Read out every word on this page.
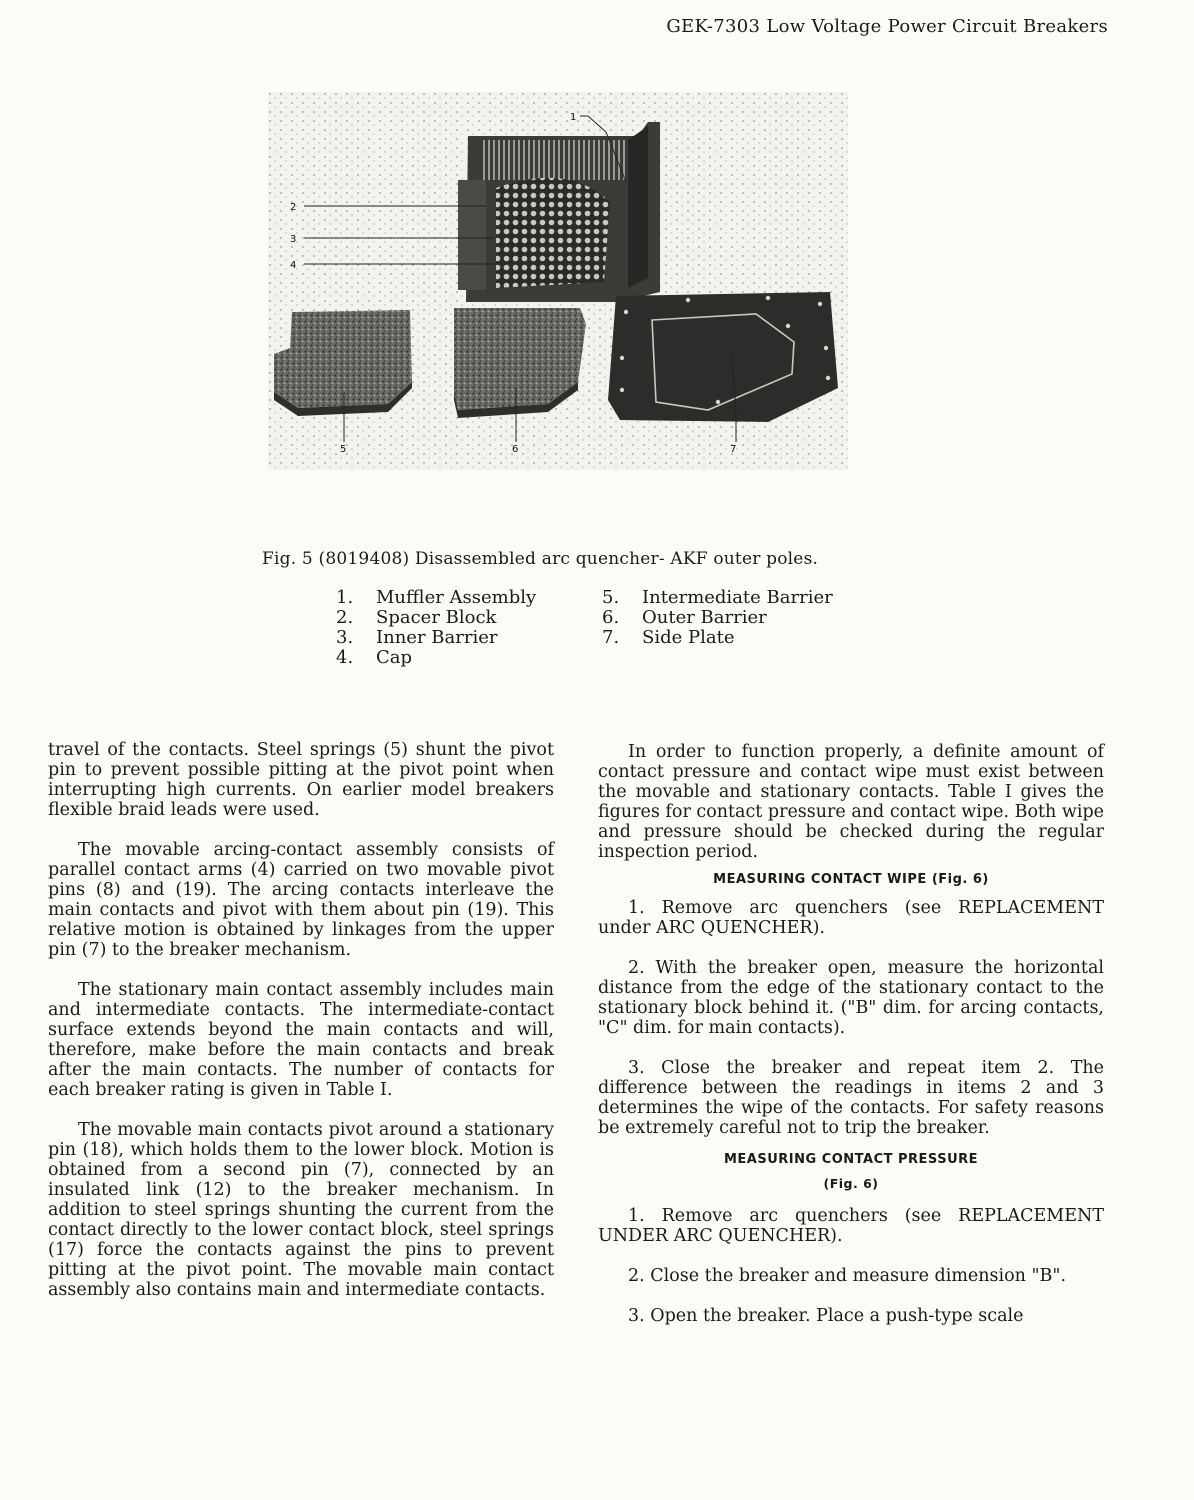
GEK-7303 Low Voltage Power Circuit Breakers
1
2
3
4
5	6	7
Fig. 5 (8019408) Disassembled arc quencher- AKF outer poles.
1.	Muffler Assembly
2.	Spacer Block
3.	Inner Barrier
4.	Cap
5.	Intermediate Barrier
6.	Outer Barrier
7.	Side Plate

travel of the contacts. Steel springs (5) shunt the pivot pin to prevent possible pitting at the pivot point when interrupting high currents. On earlier model breakers flexible braid leads were used.

The movable arcing-contact assembly consists of parallel contact arms (4) carried on two movable pivot pins (8) and (19). The arcing contacts interleave the main contacts and pivot with them about pin (19). This relative motion is obtained by linkages from the upper pin (7) to the breaker mechanism.

The stationary main contact assembly includes main and intermediate contacts. The intermediate-contact surface extends beyond the main contacts and will, therefore, make before the main contacts and break after the main contacts. The number of contacts for each breaker rating is given in Table I.

The movable main contacts pivot around a stationary pin (18), which holds them to the lower block. Motion is obtained from a second pin (7), connected by an insulated link (12) to the breaker mechanism. In addition to steel springs shunting the current from the contact directly to the lower contact block, steel springs (17) force the contacts against the pins to prevent pitting at the pivot point. The movable main contact assembly also contains main and intermediate contacts.

In order to function properly, a definite amount of contact pressure and contact wipe must exist between the movable and stationary contacts. Table I gives the figures for contact pressure and contact wipe. Both wipe and pressure should be checked during the regular inspection period.

MEASURING CONTACT WIPE (Fig. 6)

1. Remove arc quenchers (see REPLACEMENT under ARC QUENCHER).

2. With the breaker open, measure the horizontal distance from the edge of the stationary contact to the stationary block behind it. ("B" dim. for arcing contacts, "C" dim. for main contacts).

3. Close the breaker and repeat item 2. The difference between the readings in items 2 and 3 determines the wipe of the contacts. For safety reasons be extremely careful not to trip the breaker.

MEASURING CONTACT PRESSURE

(Fig. 6)

1. Remove arc quenchers (see REPLACEMENT UNDER ARC QUENCHER).

2. Close the breaker and measure dimension "B".

3. Open the breaker. Place a push-type scale
